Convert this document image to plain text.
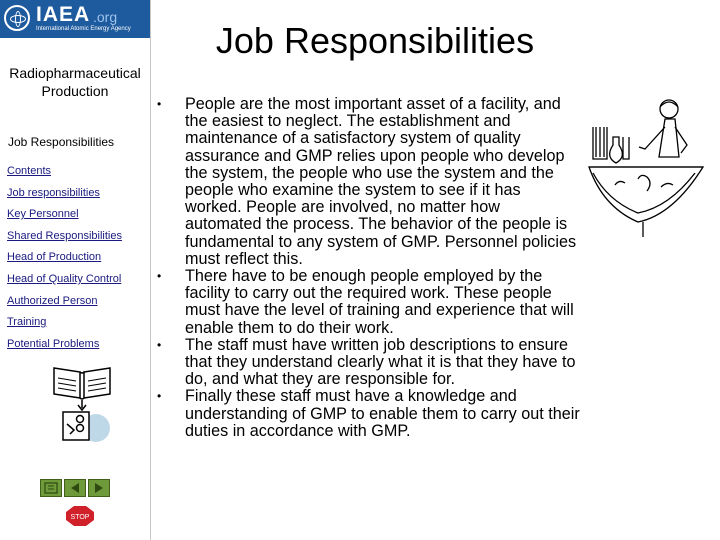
IAEA .org
International Atomic Energy Agency
Radiopharmaceutical Production
Job Responsibilities
Contents
Job responsibilities
Key Personnel
Shared Responsibilities
Head of Production
Head of Quality Control
Authorized Person
Training
Potential Problems
STOP
Job Responsibilities
• People are the most important asset of a facility, and the easiest to neglect. The establishment and maintenance of a satisfactory system of quality assurance and GMP relies upon people who develop the system, the people who use the system and the people who examine the system to see if it has worked. People are involved, no matter how automated the process. The behavior of the people is fundamental to any system of GMP. Personnel policies must reflect this.
• There have to be enough people employed by the facility to carry out the required work. These people must have the level of training and experience that will enable them to do their work.
• The staff must have written job descriptions to ensure that they understand clearly what it is that they have to do, and what they are responsible for.
• Finally these staff must have a knowledge and understanding of GMP to enable them to carry out their duties in accordance with GMP.
